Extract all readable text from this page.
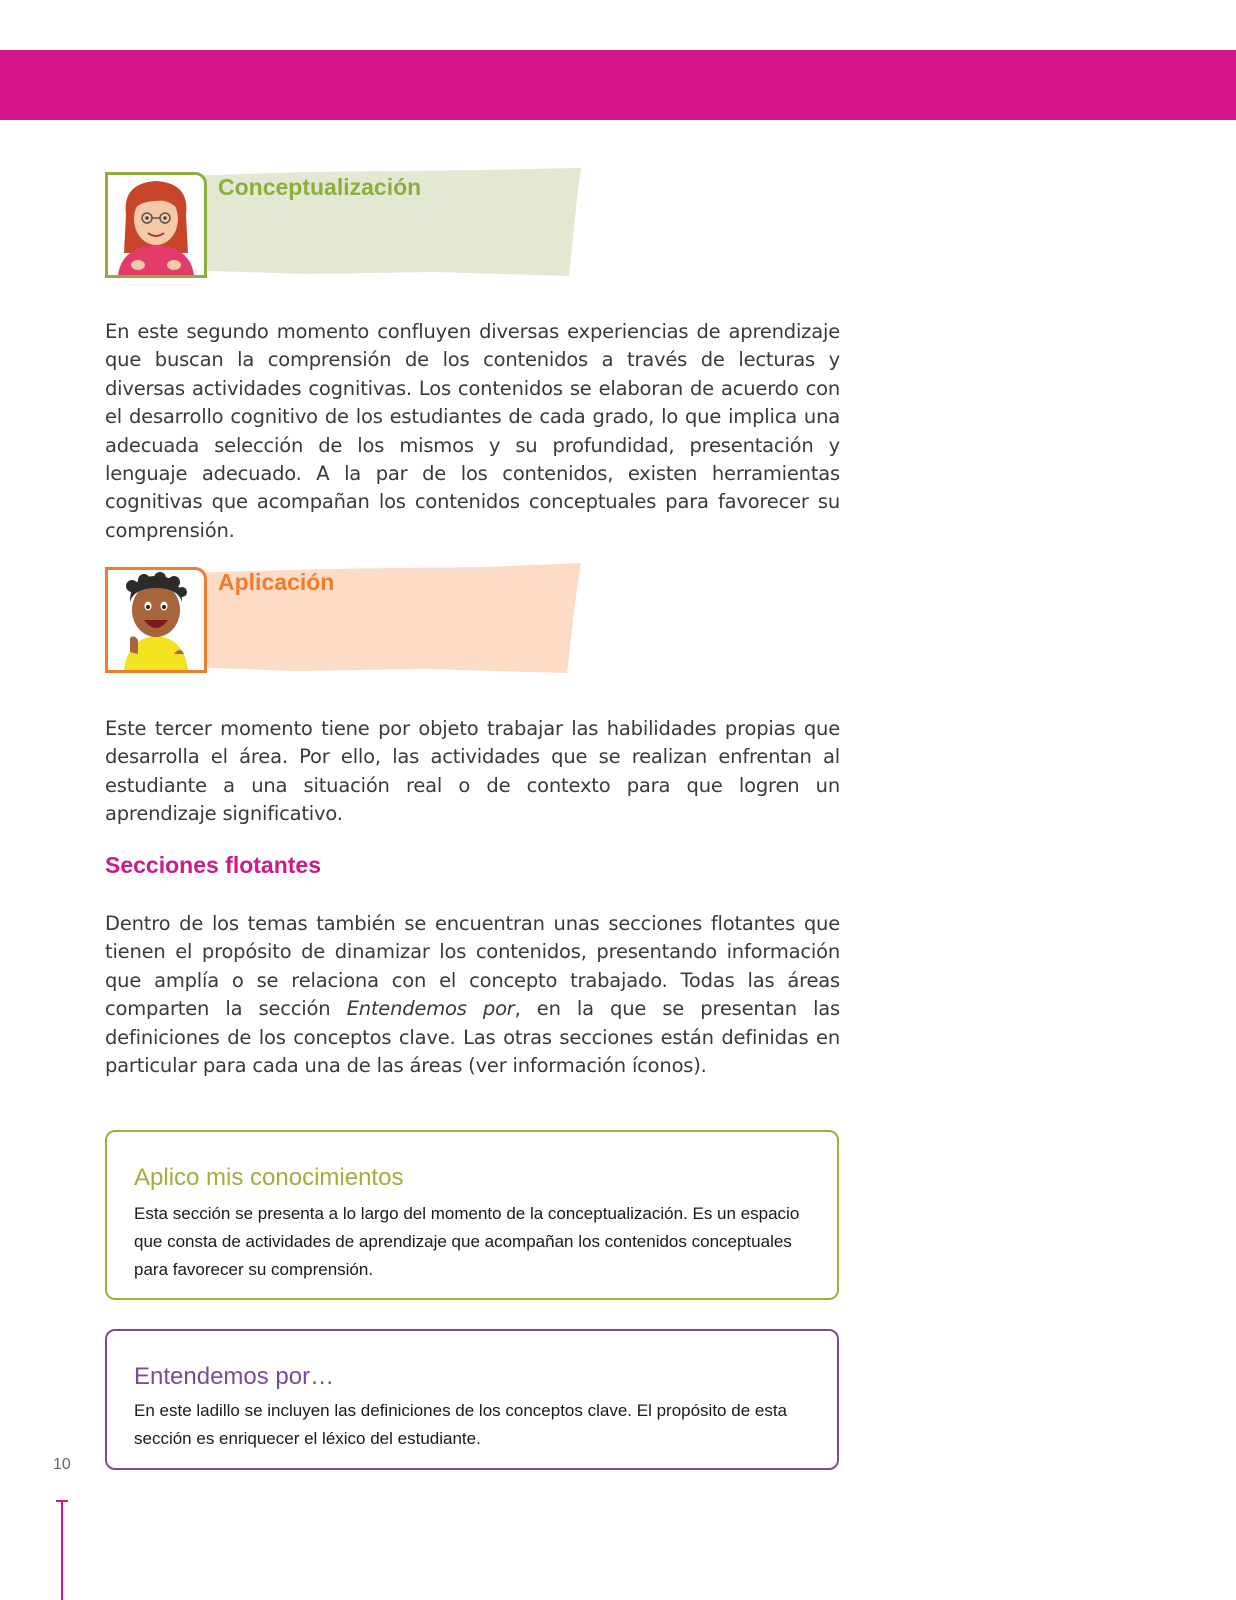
Conceptualización

En este segundo momento confluyen diversas experiencias de aprendizaje que buscan la comprensión de los contenidos a través de lecturas y diversas actividades cognitivas. Los contenidos se elaboran de acuerdo con el desarrollo cognitivo de los estudiantes de cada grado, lo que implica una adecuada selección de los mismos y su profundidad, presentación y lenguaje adecuado. A la par de los contenidos, existen herramientas cognitivas que acompañan los contenidos conceptuales para favorecer su comprensión.

Aplicación

Este tercer momento tiene por objeto trabajar las habilidades propias que desarrolla el área. Por ello, las actividades que se realizan enfrentan al estudiante a una situación real o de contexto para que logren un aprendizaje significativo.

Secciones flotantes

Dentro de los temas también se encuentran unas secciones flotantes que tienen el propósito de dinamizar los contenidos, presentando información que amplía o se relaciona con el concepto trabajado. Todas las áreas comparten la sección Entendemos por, en la que se presentan las definiciones de los conceptos clave. Las otras secciones están definidas en particular para cada una de las áreas (ver información íconos).

Aplico mis conocimientos
Esta sección se presenta a lo largo del momento de la conceptualización. Es un espacio que consta de actividades de aprendizaje que acompañan los contenidos conceptuales para favorecer su comprensión.
Entendemos por…
En este ladillo se incluyen las definiciones de los conceptos clave. El propósito de esta sección es enriquecer el léxico del estudiante.
10
